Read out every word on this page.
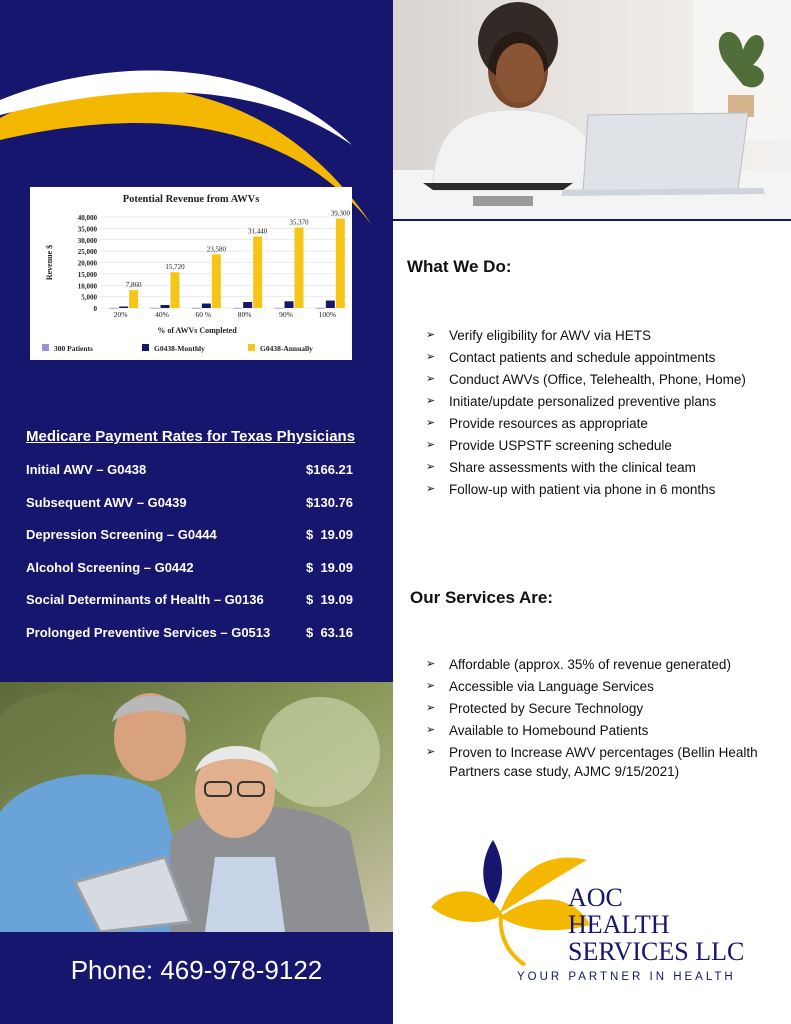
Potential Revenue from AWVs
0
5,000
10,000
15,000
20,000
25,000
30,000
35,000
40,000
Revenue $
7,860
20%
15,720
40%
23,580
60 %
31,440
80%
35,370
90%
39,300
100%
% of AWVs Completed
300 Patients	G0438-Monthly	G0438-Annually
Medicare Payment Rates for Texas Physicians
Initial AWV – G0438	$166.21
Subsequent AWV – G0439	$130.76
Depression Screening – G0444	$  19.09
Alcohol Screening – G0442	$  19.09
Social Determinants of Health – G0136	$  19.09
Prolonged Preventive Services – G0513	$  63.16
Phone: 469-978-9122
What We Do:
➢ Verify eligibility for AWV via HETS
➢ Contact patients and schedule appointments
➢ Conduct AWVs (Office, Telehealth, Phone, Home)
➢ Initiate/update personalized preventive plans
➢ Provide resources as appropriate
➢ Provide USPSTF screening schedule
➢ Share assessments with the clinical team
➢ Follow-up with patient via phone in 6 months
Our Services Are:
➢ Affordable (approx. 35% of revenue generated)
➢ Accessible via Language Services
➢ Protected by Secure Technology
➢ Available to Homebound Patients
➢ Proven to Increase AWV percentages (Bellin Health Partners case study, AJMC 9/15/2021)
AOC
HEALTH
SERVICES LLC
YOUR PARTNER IN HEALTH
